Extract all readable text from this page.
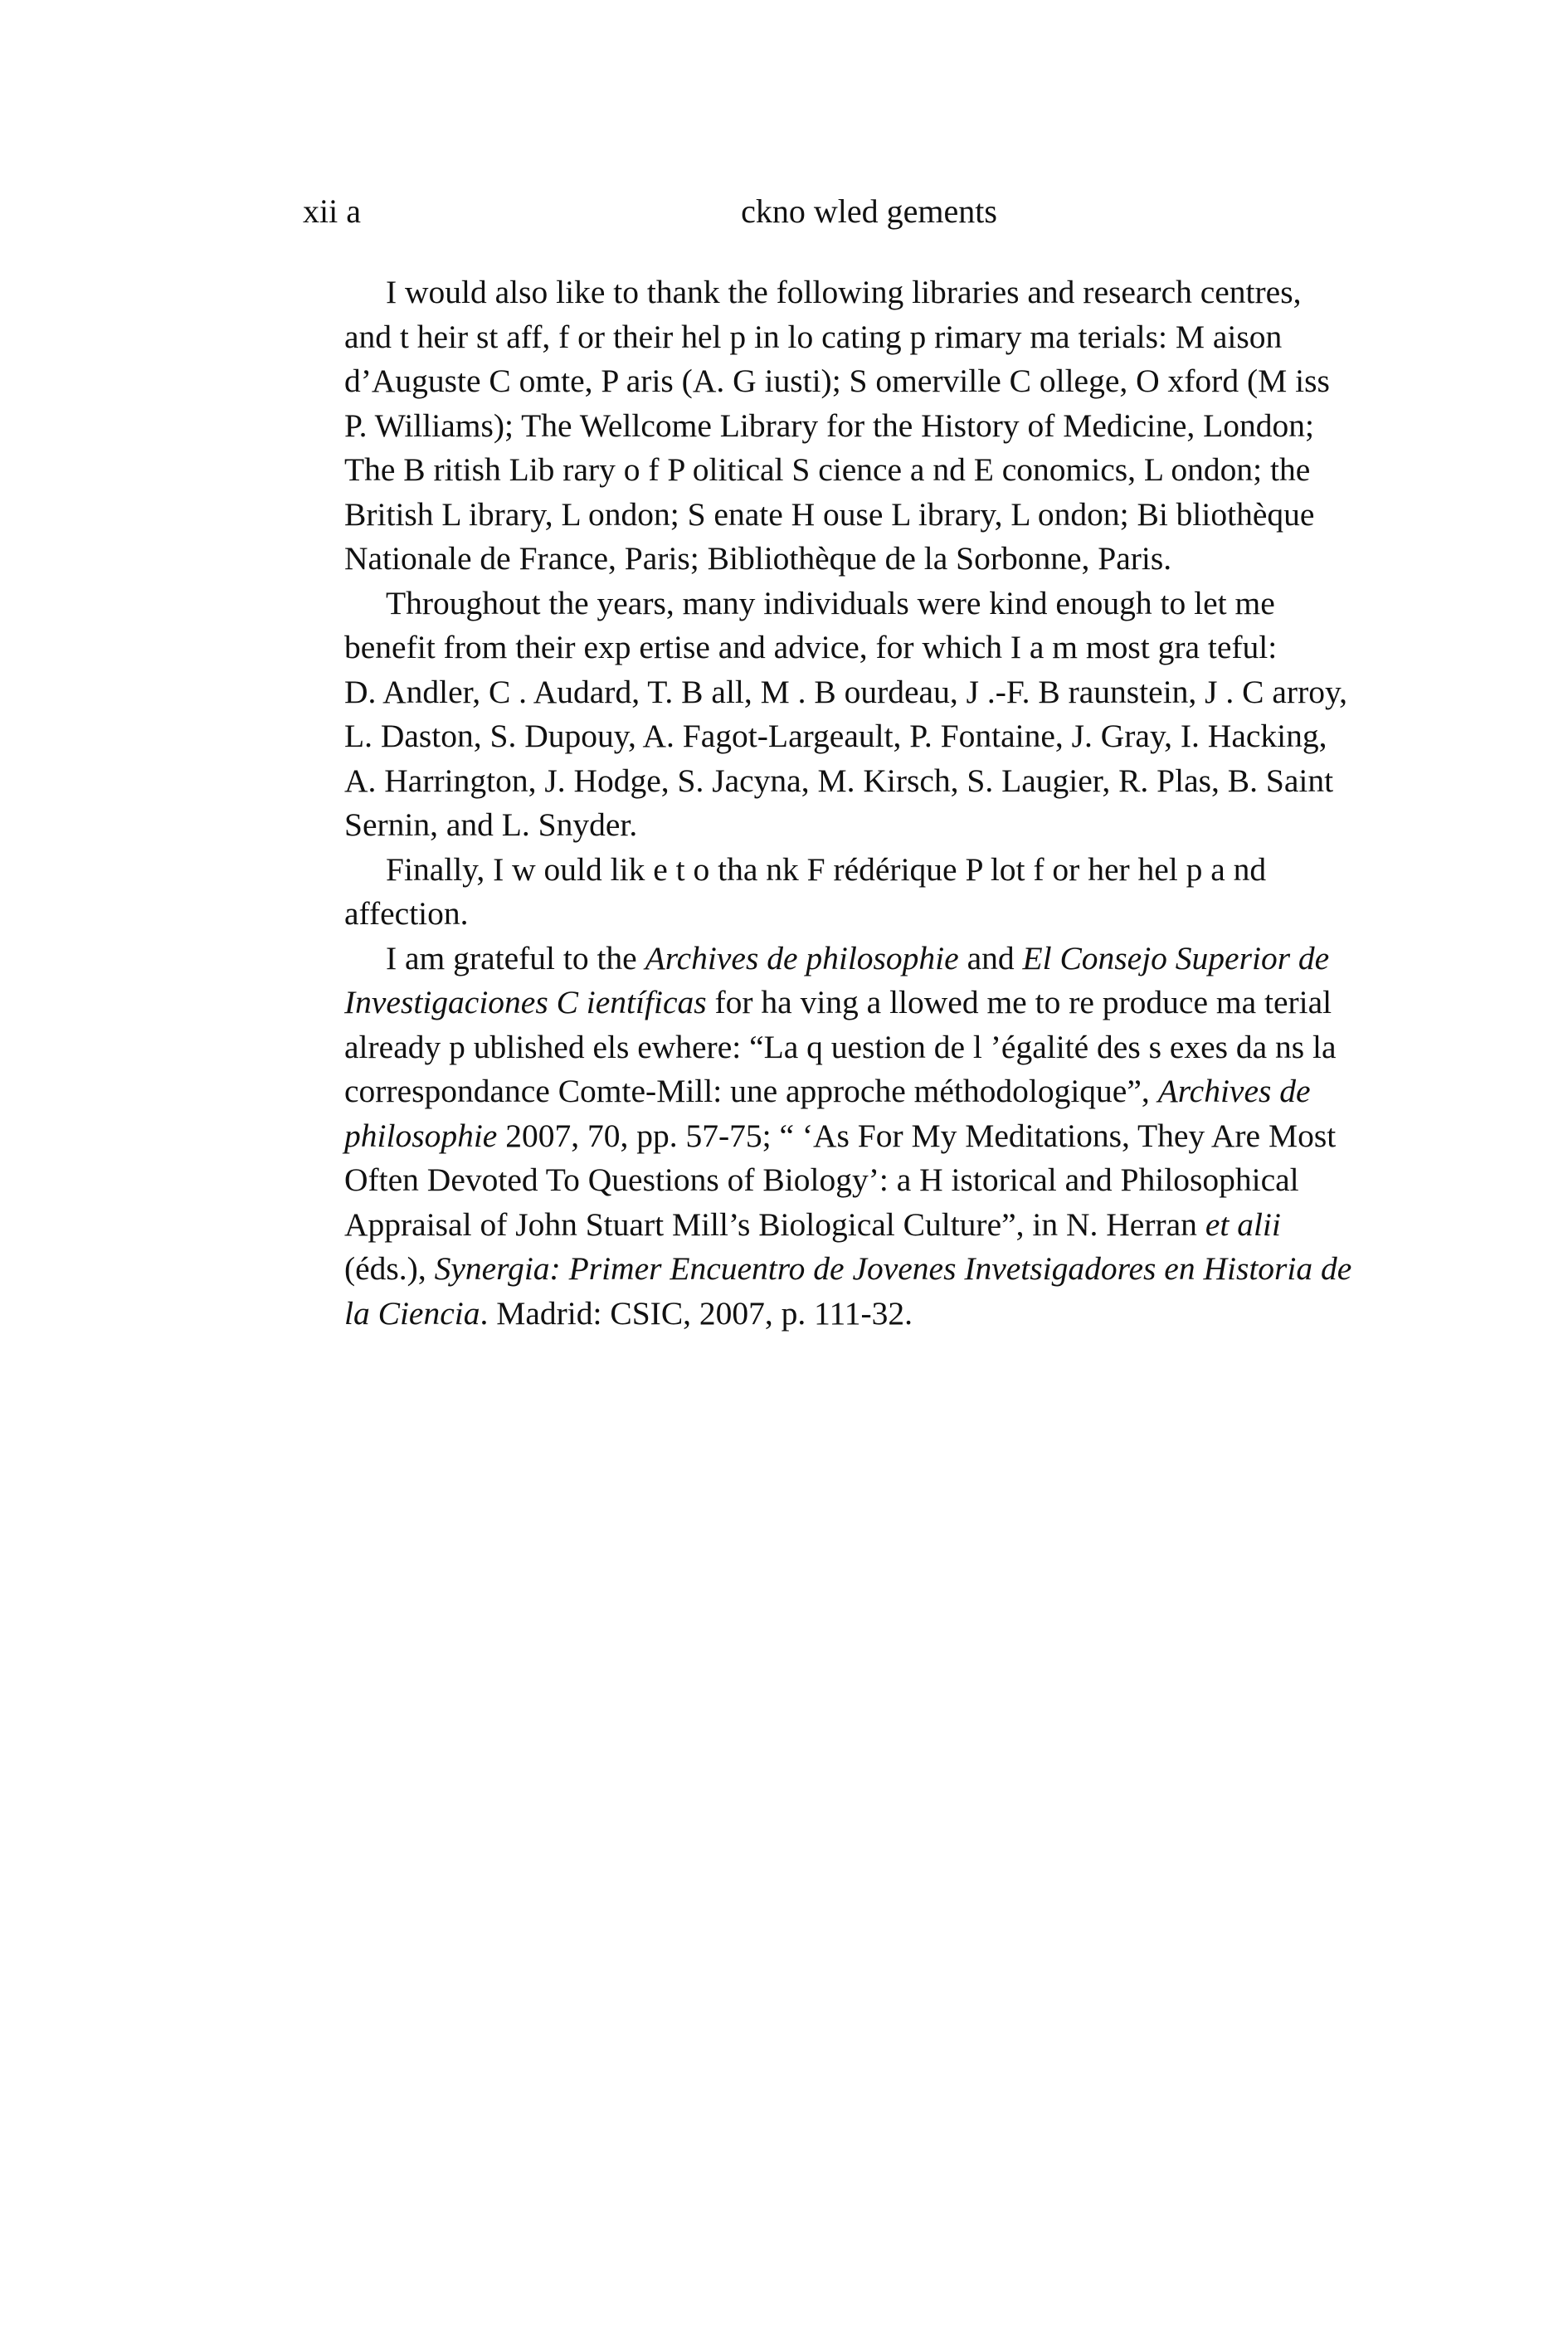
xii a	ckno wled gements
I would also like to thank the following libraries and research centres,
and t heir st aff, f or their hel p in lo cating p rimary ma terials: M aison
d’Auguste C omte, P aris (A. G iusti); S omerville C ollege, O xford (M iss
P. Williams); The Wellcome Library for the History of Medicine, London;
The B ritish Lib rary o f P olitical S cience a nd E conomics, L ondon; the
British L ibrary, L ondon; S enate H ouse L ibrary, L ondon; Bi bliothèque
Nationale de France, Paris; Bibliothèque de la Sorbonne, Paris.
Throughout the years, many individuals were kind enough to let me
benefit from their exp ertise and advice, for which I a m most gra teful:
D. Andler, C . Audard, T. B all, M . B ourdeau, J .-F. B raunstein, J . C arroy,
L. Daston, S. Dupouy, A. Fagot-Largeault, P. Fontaine, J. Gray, I. Hacking,
A. Harrington, J. Hodge, S. Jacyna, M. Kirsch, S. Laugier, R. Plas, B. Saint
Sernin, and L. Snyder.
Finally, I w ould lik e t o tha nk F rédérique P lot f or her hel p a nd
affection.
I am grateful to the Archives de philosophie and El Consejo Superior de
Investigaciones C ientíficas for ha ving a llowed me to re produce ma terial
already p ublished els ewhere: “La q uestion de l ’égalité des s exes da ns la
correspondance Comte-Mill: une approche méthodologique”, Archives de
philosophie 2007, 70, pp. 57-75; “ ‘As For My Meditations, They Are Most
Often Devoted To Questions of Biology’: a H istorical and Philosophical
Appraisal of John Stuart Mill’s Biological Culture”, in N. Herran et alii
(éds.), Synergia: Primer Encuentro de Jovenes Invetsigadores en Historia de
la Ciencia. Madrid: CSIC, 2007, p. 111-32.
